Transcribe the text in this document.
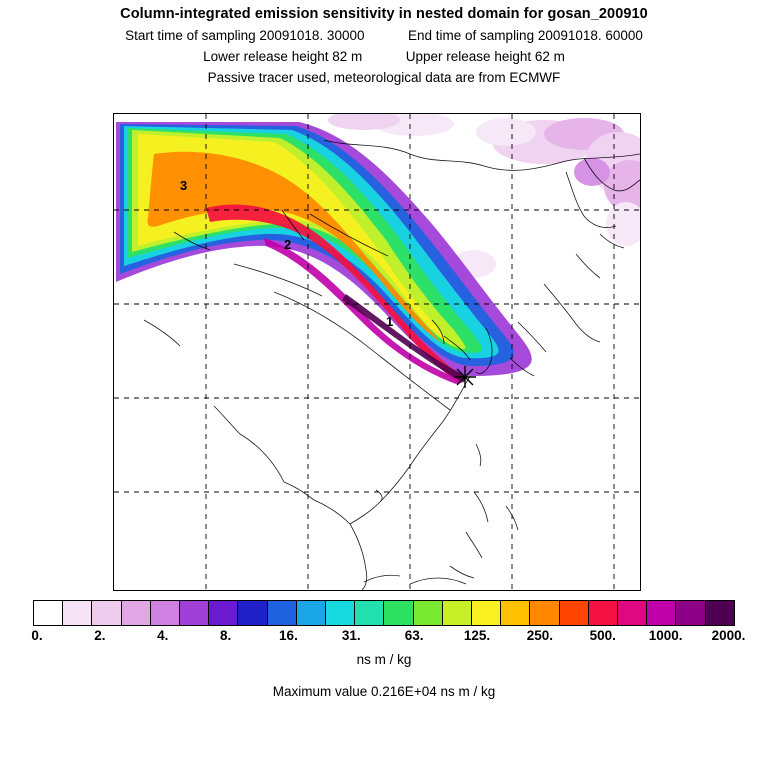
Column-integrated emission sensitivity in nested domain for gosan_200910
Start time of sampling 20091018. 30000	End time of sampling 20091018. 60000
Lower release height 82 m	Upper release height 62 m
Passive tracer used, meteorological data are from ECMWF
3
2
1
0.	2.	4.	8.	16.	31.	63.	125.	250.	500. 1000. 2000.
ns m / kg
Maximum value 0.216E+04 ns m / kg
